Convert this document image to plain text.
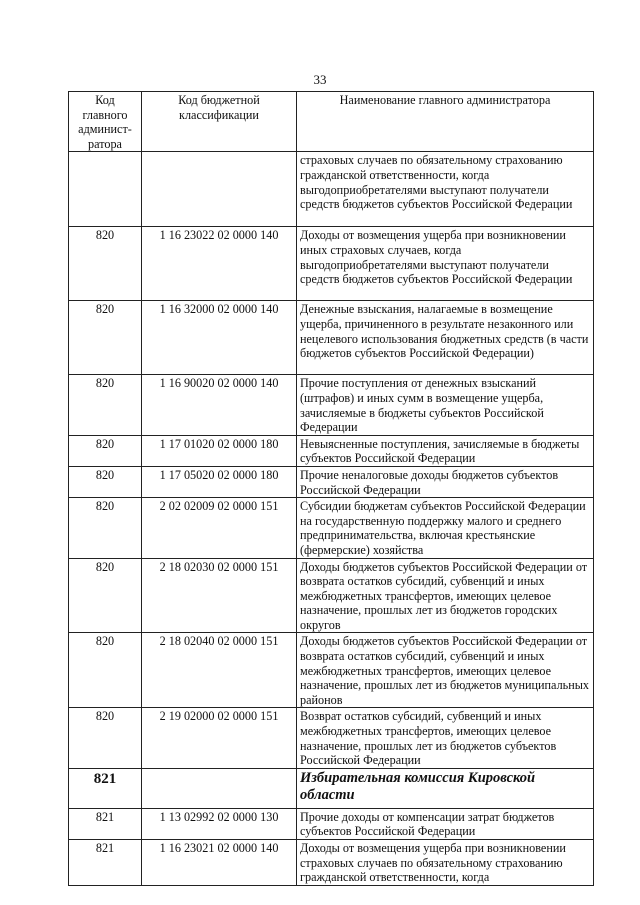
33
Код главного админист-ратора	Код бюджетной классификации	Наименование главного администратора
		страховых случаев по обязательному страхованию гражданской ответственности, когда выгодоприобретателями выступают получатели средств бюджетов субъектов Российской Федерации
820	1 16 23022 02 0000 140	Доходы от возмещения ущерба при возникновении иных страховых случаев, когда выгодоприобретателями выступают получатели средств бюджетов субъектов Российской Федерации
820	1 16 32000 02 0000 140	Денежные взыскания, налагаемые в возмещение ущерба, причиненного в результате незаконного или нецелевого использования бюджетных средств (в части бюджетов субъектов Российской Федерации)
820	1 16 90020 02 0000 140	Прочие поступления от денежных взысканий (штрафов) и иных сумм в возмещение ущерба, зачисляемые в бюджеты субъектов Российской Федерации
820	1 17 01020 02 0000 180	Невыясненные поступления, зачисляемые в бюджеты субъектов Российской Федерации
820	1 17 05020 02 0000 180	Прочие неналоговые доходы бюджетов субъектов Российской Федерации
820	2 02 02009 02 0000 151	Субсидии бюджетам субъектов Российской Федерации на государственную поддержку малого и среднего предпринимательства, включая крестьянские (фермерские) хозяйства
820	2 18 02030 02 0000 151	Доходы бюджетов субъектов Российской Федерации от возврата остатков субсидий, субвенций и иных межбюджетных трансфертов, имеющих целевое назначение, прошлых лет из бюджетов городских округов
820	2 18 02040 02 0000 151	Доходы бюджетов субъектов Российской Федерации от возврата остатков субсидий, субвенций и иных межбюджетных трансфертов, имеющих целевое назначение, прошлых лет из бюджетов муниципальных районов
820	2 19 02000 02 0000 151	Возврат остатков субсидий, субвенций и иных межбюджетных трансфертов, имеющих целевое назначение, прошлых лет из бюджетов субъектов Российской Федерации
821		Избирательная комиссия Кировской области
821	1 13 02992 02 0000 130	Прочие доходы от компенсации затрат бюджетов субъектов Российской Федерации
821	1 16 23021 02 0000 140	Доходы от возмещения ущерба при возникновении страховых случаев по обязательному страхованию гражданской ответственности, когда
